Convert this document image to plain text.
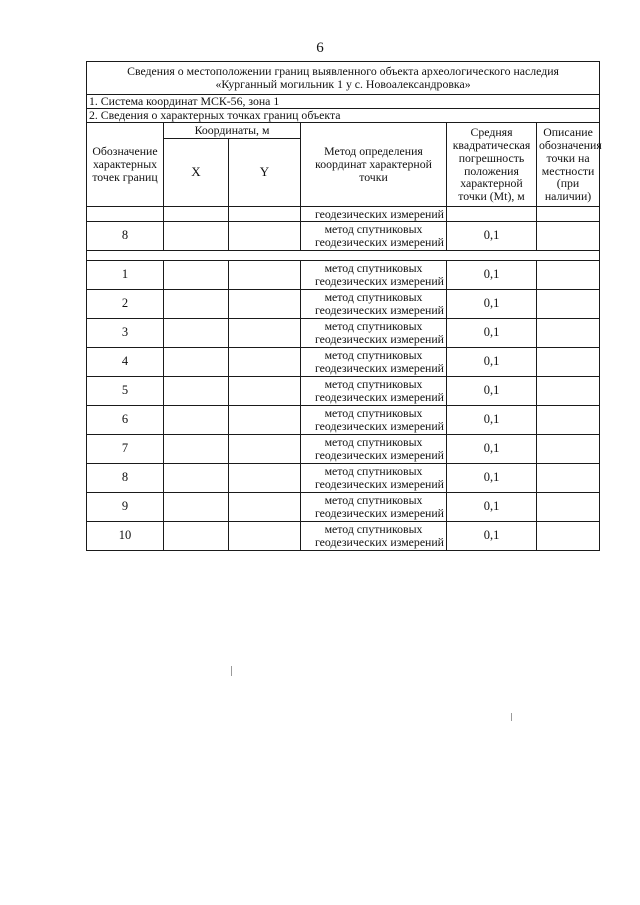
6
Сведения о местоположении границ выявленного объекта археологического наследия
«Курганный могильник 1 у с. Новоалександровка»					

1. Система координат МСК-56, зона 1					
2. Сведения о характерных точках границ объекта					
Обозначение характерных точек границ	Координаты, м		Метод определения координат характерной точки	Средняя квадратическая погрешность положения характерной точки (Mt), м	Описание обозначения точки на местности (при наличии)
	X	Y			
			геодезических измерений		
8			метод спутниковых
геодезических измерений	0,1	

1			метод спутниковых
геодезических измерений	0,1	
2			метод спутниковых
геодезических измерений	0,1	
3			метод спутниковых
геодезических измерений	0,1	
4			метод спутниковых
геодезических измерений	0,1	
5			метод спутниковых
геодезических измерений	0,1	
6			метод спутниковых
геодезических измерений	0,1	
7			метод спутниковых
геодезических измерений	0,1	
8			метод спутниковых
геодезических измерений	0,1	
9			метод спутниковых
геодезических измерений	0,1	
10			метод спутниковых
геодезических измерений	0,1	
